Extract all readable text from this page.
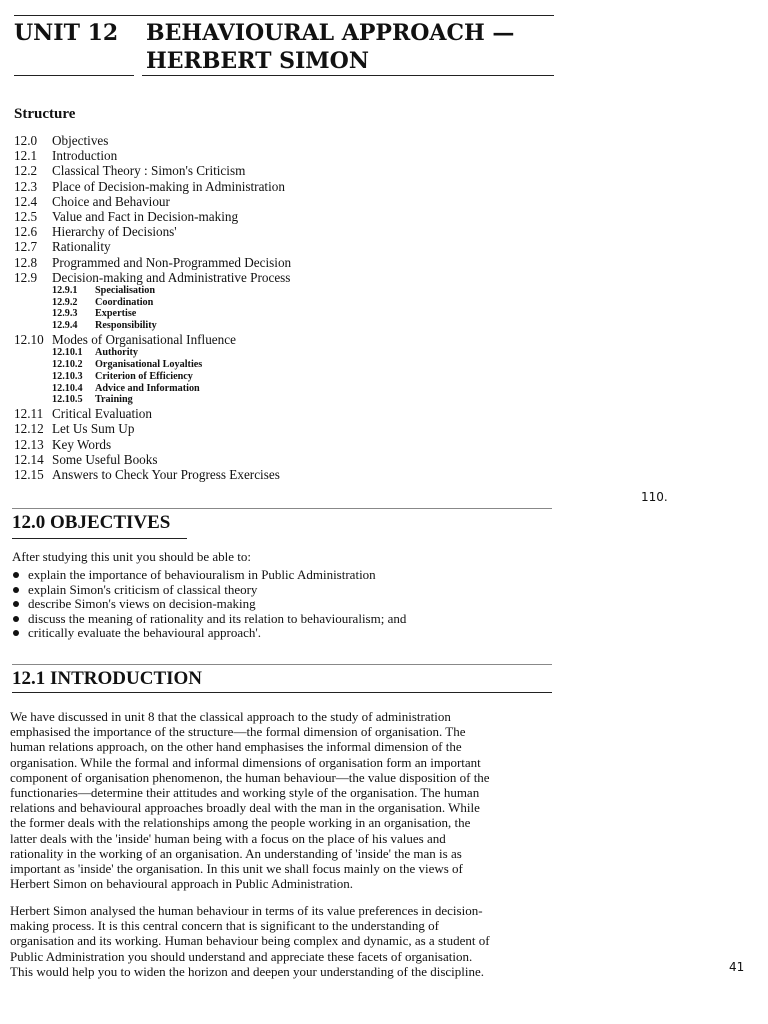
UNIT 12 BEHAVIOURAL APPROACH —
HERBERT SIMON
Structure
12.0 Objectives
12.1 Introduction
12.2 Classical Theory : Simon's Criticism
12.3 Place of Decision-making in Administration
12.4 Choice and Behaviour
12.5 Value and Fact in Decision-making
12.6 Hierarchy of Decisions'
12.7 Rationality
12.8 Programmed and Non-Programmed Decision
12.9 Decision-making and Administrative Process
12.9.1 Specialisation
12.9.2 Coordination
12.9.3 Expertise
12.9.4 Responsibility
12.10 Modes of Organisational Influence
12.10.1 Authority
12.10.2 Organisational Loyalties
12.10.3 Criterion of Efficiency
12.10.4 Advice and Information
12.10.5 Training
12.11 Critical Evaluation
12.12 Let Us Sum Up
12.13 Key Words
12.14 Some Useful Books
12.15 Answers to Check Your Progress Exercises
110.
12.0 OBJECTIVES
After studying this unit you should be able to:
explain the importance of behaviouralism in Public Administration
explain Simon's criticism of classical theory
describe Simon's views on decision-making
discuss the meaning of rationality and its relation to behaviouralism; and
critically evaluate the behavioural approach'.
12.1 INTRODUCTION
We have discussed in unit 8 that the classical approach to the study of administration
emphasised the importance of the structure—the formal dimension of organisation. The
human relations approach, on the other hand emphasises the informal dimension of the
organisation. While the formal and informal dimensions of organisation form an important
component of organisation phenomenon, the human behaviour—the value disposition of the
functionaries—determine their attitudes and working style of the organisation. The human
relations and behavioural approaches broadly deal with the man in the organisation. While
the former deals with the relationships among the people working in an organisation, the
latter deals with the 'inside' human being with a focus on the place of his values and
rationality in the working of an organisation. An understanding of 'inside' the man is as
important as 'inside' the organisation. In this unit we shall focus mainly on the views of
Herbert Simon on behavioural approach in Public Administration.
Herbert Simon analysed the human behaviour in terms of its value preferences in decision-
making process. It is this central concern that is significant to the understanding of
organisation and its working. Human behaviour being complex and dynamic, as a student of
Public Administration you should understand and appreciate these facets of organisation.
This would help you to widen the horizon and deepen your understanding of the discipline.	41
